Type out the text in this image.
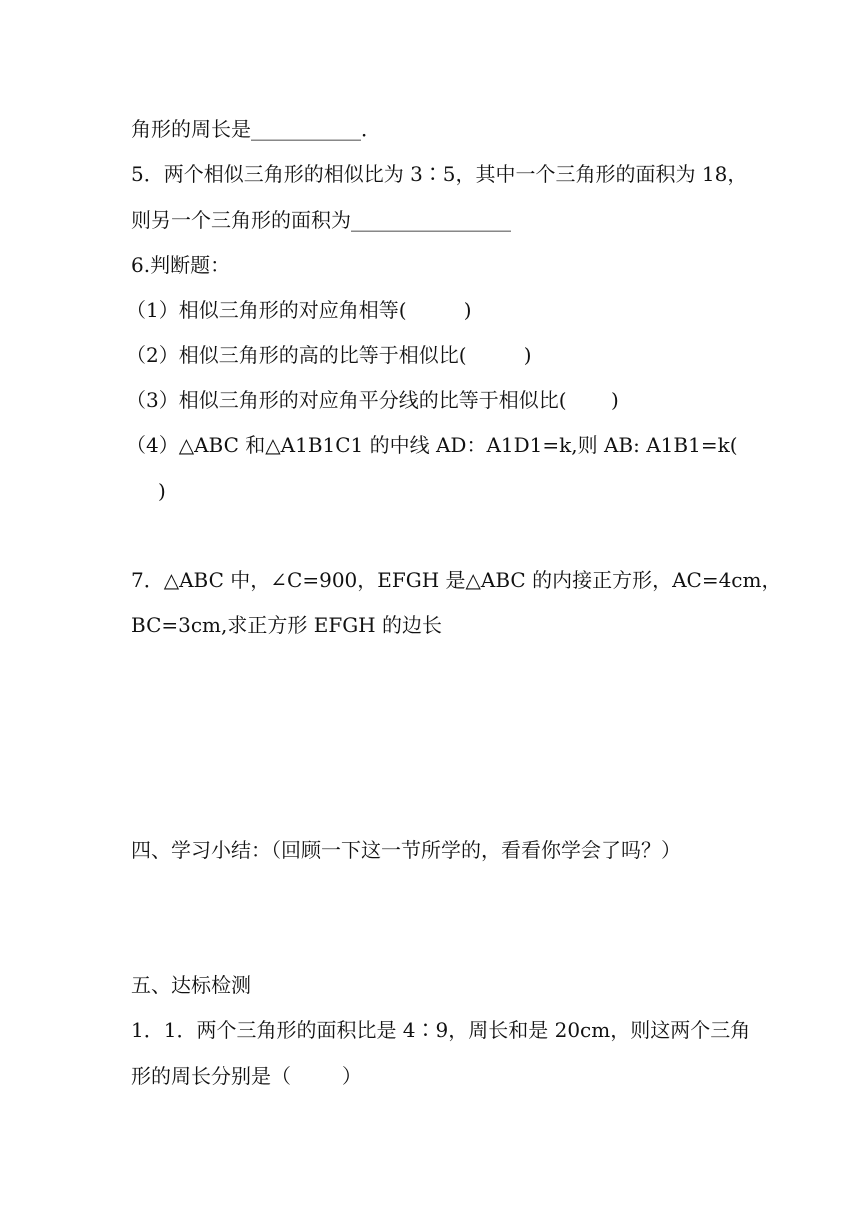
角形的周长是___________．
5．两个相似三角形的相似比为 3∶5，其中一个三角形的面积为 18，
则另一个三角形的面积为________________
6.判断题：
（1）相似三角形的对应角相等(         )
（2）相似三角形的高的比等于相似比(         )
（3）相似三角形的对应角平分线的比等于相似比(       )
（4）△ABC 和△A1B1C1 的中线 AD：A1D1=k,则 AB: A1B1=k(
)
7．△ABC 中，∠C=900，EFGH 是△ABC 的内接正方形，AC=4cm，
BC=3cm,求正方形 EFGH 的边长
四、学习小结：（回顾一下这一节所学的，看看你学会了吗？）
五、达标检测
1．1．两个三角形的面积比是 4∶9，周长和是 20cm，则这两个三角
形的周长分别是（        ）
